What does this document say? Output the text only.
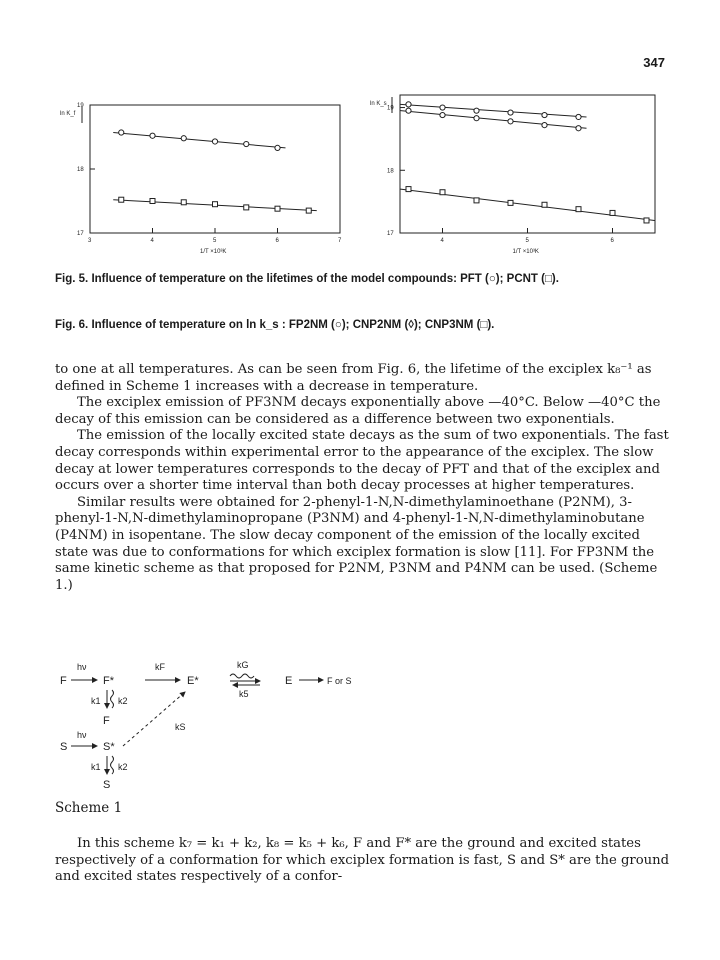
347
ln K_f
17
18
19
3	4	5	6	7
1/T ×10³K
ln K_s
17
18
19
4	5	6
1/T ×10³K
Fig. 5. Influence of temperature on the lifetimes of the model compounds: PFT (○); PCNT (□).
Fig. 6. Influence of temperature on ln k_s : FP2NM (○); CNP2NM (◊); CNP3NM (□).

to one at all temperatures. As can be seen from Fig. 6, the lifetime of the exciplex k₈⁻¹ as defined in Scheme 1 increases with a decrease in temperature.

The exciplex emission of PF3NM decays exponentially above —40°C. Below —40°C the decay of this emission can be considered as a difference between two exponentials.

The emission of the locally excited state decays as the sum of two exponentials. The fast decay corresponds within experimental error to the appearance of the exciplex. The slow decay at lower temperatures corresponds to the decay of PFT and that of the exciplex and occurs over a shorter time interval than both decay processes at higher temperatures.

Similar results were obtained for 2-phenyl-1-N,N-dimethylaminoethane (P2NM), 3-phenyl-1-N,N-dimethylaminopropane (P3NM) and 4-phenyl-1-N,N-dimethylaminobutane (P4NM) in isopentane. The slow decay component of the emission of the locally excited state was due to conformations for which exciplex formation is slow [11]. For FP3NM the same kinetic scheme as that proposed for P2NM, P3NM and P4NM can be used. (Scheme 1.)

F
hν
F*
kF
E*
kG
k5
E	F or S
k1 k2
F	kS
S
hν
S*
k1 k2
S
Scheme 1

In this scheme k₇ = k₁ + k₂, k₈ = k₅ + k₆, F and F* are the ground and excited states respectively of a conformation for which exciplex formation is fast, S and S* are the ground and excited states respectively of a confor-
